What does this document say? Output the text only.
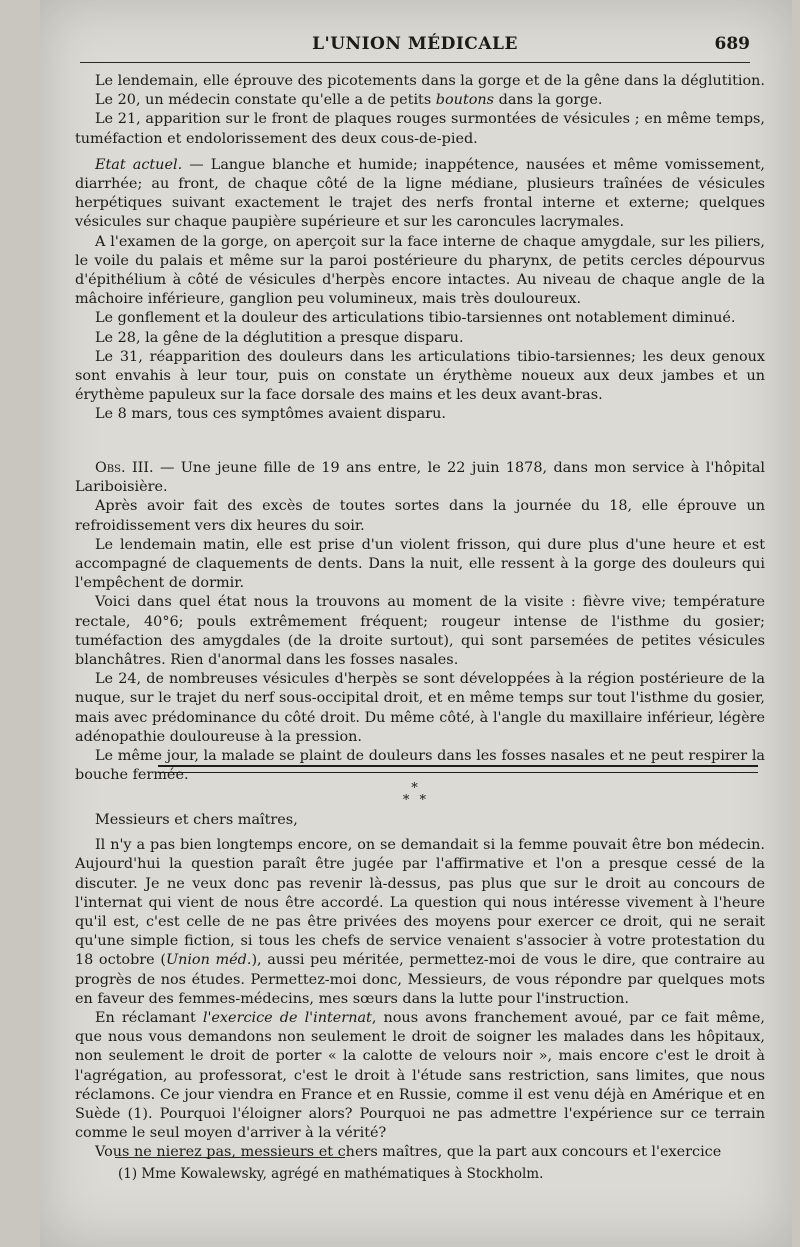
L'UNION MÉDICALE	689

Le lendemain, elle éprouve des picotements dans la gorge et de la gêne dans la déglutition.

Le 20, un médecin constate qu'elle a de petits boutons dans la gorge.

Le 21, apparition sur le front de plaques rouges surmontées de vésicules ; en même temps, tuméfaction et endolorissement des deux cous-de-pied.

Etat actuel. — Langue blanche et humide; inappétence, nausées et même vomissement, diarrhée; au front, de chaque côté de la ligne médiane, plusieurs traînées de vésicules herpétiques suivant exactement le trajet des nerfs frontal interne et externe; quelques vésicules sur chaque paupière supérieure et sur les caroncules lacrymales.

A l'examen de la gorge, on aperçoit sur la face interne de chaque amygdale, sur les piliers, le voile du palais et même sur la paroi postérieure du pharynx, de petits cercles dépourvus d'épithélium à côté de vésicules d'herpès encore intactes. Au niveau de chaque angle de la mâchoire inférieure, ganglion peu volumineux, mais très douloureux.

Le gonflement et la douleur des articulations tibio-tarsiennes ont notablement diminué.

Le 28, la gêne de la déglutition a presque disparu.

Le 31, réapparition des douleurs dans les articulations tibio-tarsiennes; les deux genoux sont envahis à leur tour, puis on constate un érythème noueux aux deux jambes et un érythème papuleux sur la face dorsale des mains et les deux avant-bras.

Le 8 mars, tous ces symptômes avaient disparu.

Obs. III. — Une jeune fille de 19 ans entre, le 22 juin 1878, dans mon service à l'hôpital Lariboisière.

Après avoir fait des excès de toutes sortes dans la journée du 18, elle éprouve un refroidissement vers dix heures du soir.

Le lendemain matin, elle est prise d'un violent frisson, qui dure plus d'une heure et est accompagné de claquements de dents. Dans la nuit, elle ressent à la gorge des douleurs qui l'empêchent de dormir.

Voici dans quel état nous la trouvons au moment de la visite : fièvre vive; température rectale, 40°6; pouls extrêmement fréquent; rougeur intense de l'isthme du gosier; tuméfaction des amygdales (de la droite surtout), qui sont parsemées de petites vésicules blanchâtres. Rien d'anormal dans les fosses nasales.

Le 24, de nombreuses vésicules d'herpès se sont développées à la région postérieure de la nuque, sur le trajet du nerf sous-occipital droit, et en même temps sur tout l'isthme du gosier, mais avec prédominance du côté droit. Du même côté, à l'angle du maxillaire inférieur, légère adénopathie douloureuse à la pression.

Le même jour, la malade se plaint de douleurs dans les fosses nasales et ne peut respirer la bouche fermée.

*
* *

Messieurs et chers maîtres,

Il n'y a pas bien longtemps encore, on se demandait si la femme pouvait être bon médecin. Aujourd'hui la question paraît être jugée par l'affirmative et l'on a presque cessé de la discuter. Je ne veux donc pas revenir là-dessus, pas plus que sur le droit au concours de l'internat qui vient de nous être accordé. La question qui nous intéresse vivement à l'heure qu'il est, c'est celle de ne pas être privées des moyens pour exercer ce droit, qui ne serait qu'une simple fiction, si tous les chefs de service venaient s'associer à votre protestation du 18 octobre (Union méd.), aussi peu méritée, permettez-moi de vous le dire, que contraire au progrès de nos études. Permettez-moi donc, Messieurs, de vous répondre par quelques mots en faveur des femmes-médecins, mes sœurs dans la lutte pour l'instruction.

En réclamant l'exercice de l'internat, nous avons franchement avoué, par ce fait même, que nous vous demandons non seulement le droit de soigner les malades dans les hôpitaux, non seulement le droit de porter « la calotte de velours noir », mais encore c'est le droit à l'agrégation, au professorat, c'est le droit à l'étude sans restriction, sans limites, que nous réclamons. Ce jour viendra en France et en Russie, comme il est venu déjà en Amérique et en Suède (1). Pourquoi l'éloigner alors? Pourquoi ne pas admettre l'expérience sur ce terrain comme le seul moyen d'arriver à la vérité?

Vous ne nierez pas, messieurs et chers maîtres, que la part aux concours et l'exercice

(1) Mme Kowalewsky, agrégé en mathématiques à Stockholm.
